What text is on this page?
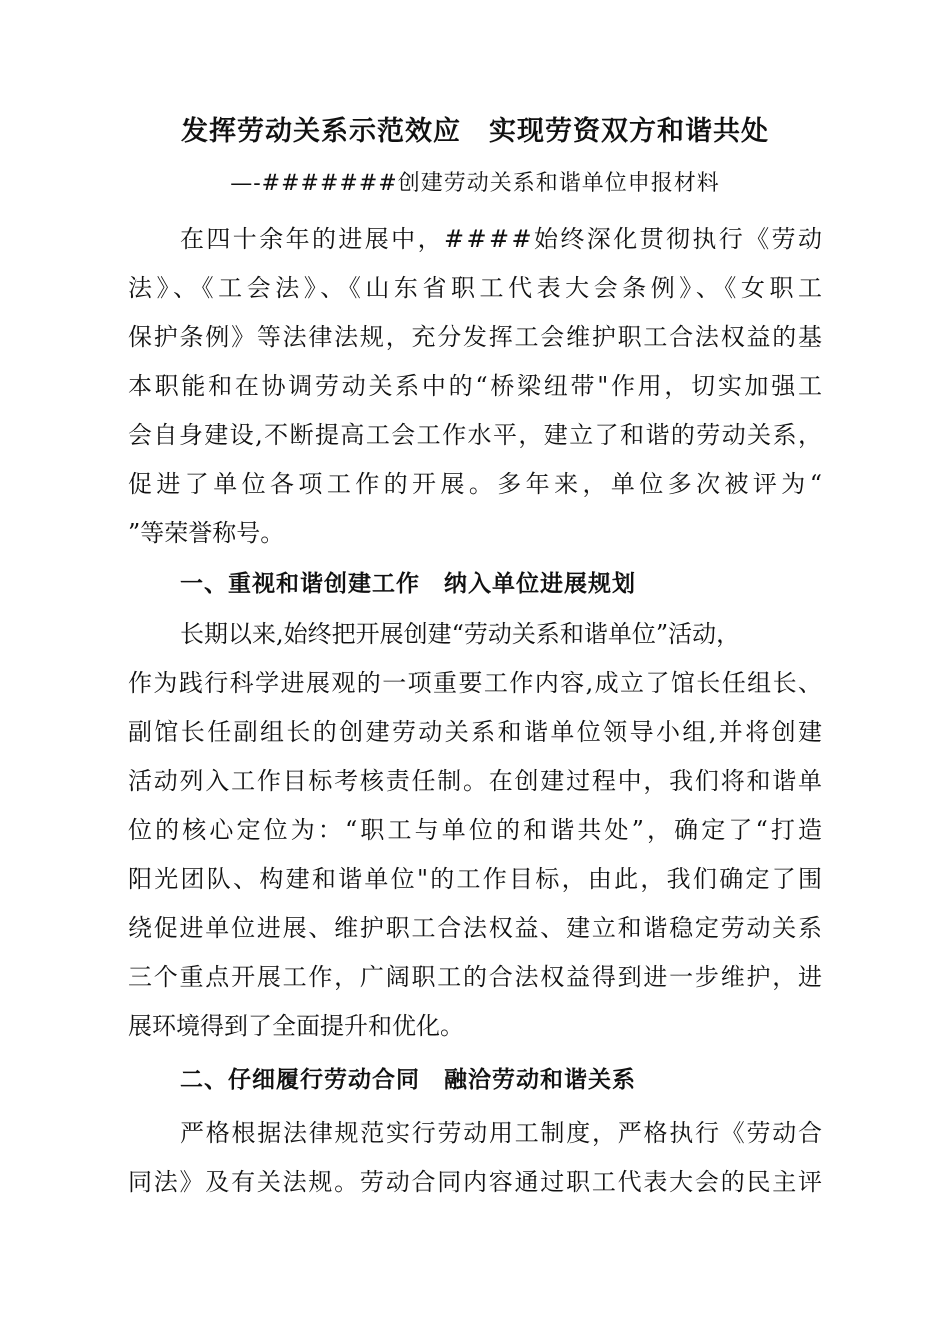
发挥劳动关系示范效应　实现劳资双方和谐共处
—-#######创建劳动关系和谐单位申报材料
在四十余年的进展中，####始终深化贯彻执行《劳动
法》、《工会法》、《山东省职工代表大会条例》、《女职工
保护条例》等法律法规，充分发挥工会维护职工合法权益的基
本职能和在协调劳动关系中的“桥梁纽带"作用，切实加强工
会自身建设,不断提高工会工作水平，建立了和谐的劳动关系，
促进了单位各项工作的开展。多年来，单位多次被评为“
”等荣誉称号。
一、重视和谐创建工作　纳入单位进展规划
长期以来,始终把开展创建“劳动关系和谐单位”活动，
作为践行科学进展观的一项重要工作内容,成立了馆长任组长、
副馆长任副组长的创建劳动关系和谐单位领导小组,并将创建
活动列入工作目标考核责任制。在创建过程中，我们将和谐单
位的核心定位为：“职工与单位的和谐共处”，确定了“打造
阳光团队、构建和谐单位"的工作目标，由此，我们确定了围
绕促进单位进展、维护职工合法权益、建立和谐稳定劳动关系
三个重点开展工作，广阔职工的合法权益得到进一步维护，进
展环境得到了全面提升和优化。
二、仔细履行劳动合同　融洽劳动和谐关系
严格根据法律规范实行劳动用工制度，严格执行《劳动合
同法》及有关法规。劳动合同内容通过职工代表大会的民主评
